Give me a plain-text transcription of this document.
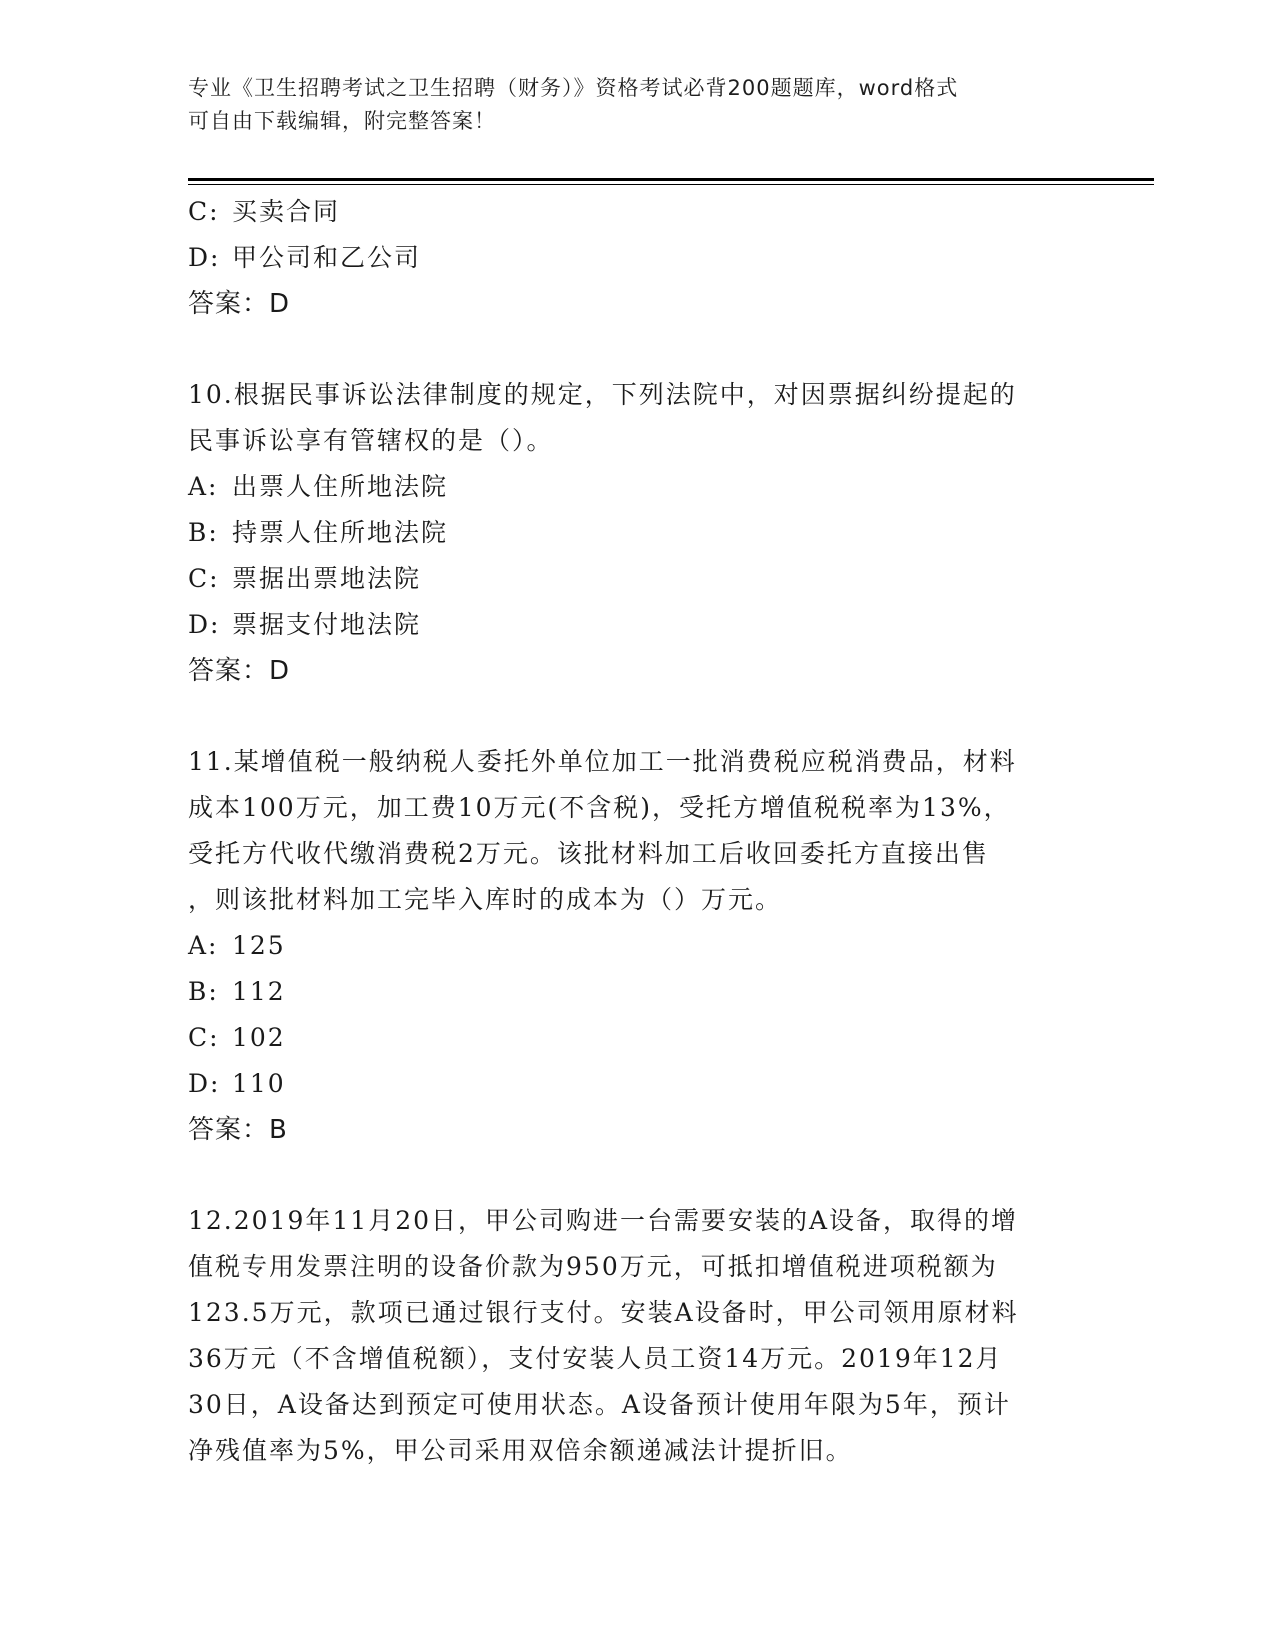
专业《卫生招聘考试之卫生招聘（财务）》资格考试必背200题题库，word格式
可自由下载编辑，附完整答案！
C: 买卖合同
D: 甲公司和乙公司
答案：D
10.根据民事诉讼法律制度的规定，下列法院中，对因票据纠纷提起的
民事诉讼享有管辖权的是（）。
A: 出票人住所地法院
B: 持票人住所地法院
C: 票据出票地法院
D: 票据支付地法院
答案：D
11.某增值税一般纳税人委托外单位加工一批消费税应税消费品，材料
成本100万元，加工费10万元(不含税)，受托方增值税税率为13%，
受托方代收代缴消费税2万元。该批材料加工后收回委托方直接出售
，则该批材料加工完毕入库时的成本为（）万元。
A: 125
B: 112
C: 102
D: 110
答案：B
12.2019年11月20日，甲公司购进一台需要安装的A设备，取得的增
值税专用发票注明的设备价款为950万元，可抵扣增值税进项税额为
123.5万元，款项已通过银行支付。安装A设备时，甲公司领用原材料
36万元（不含增值税额），支付安装人员工资14万元。2019年12月
30日，A设备达到预定可使用状态。A设备预计使用年限为5年，预计
净残值率为5%，甲公司采用双倍余额递减法计提折旧。
